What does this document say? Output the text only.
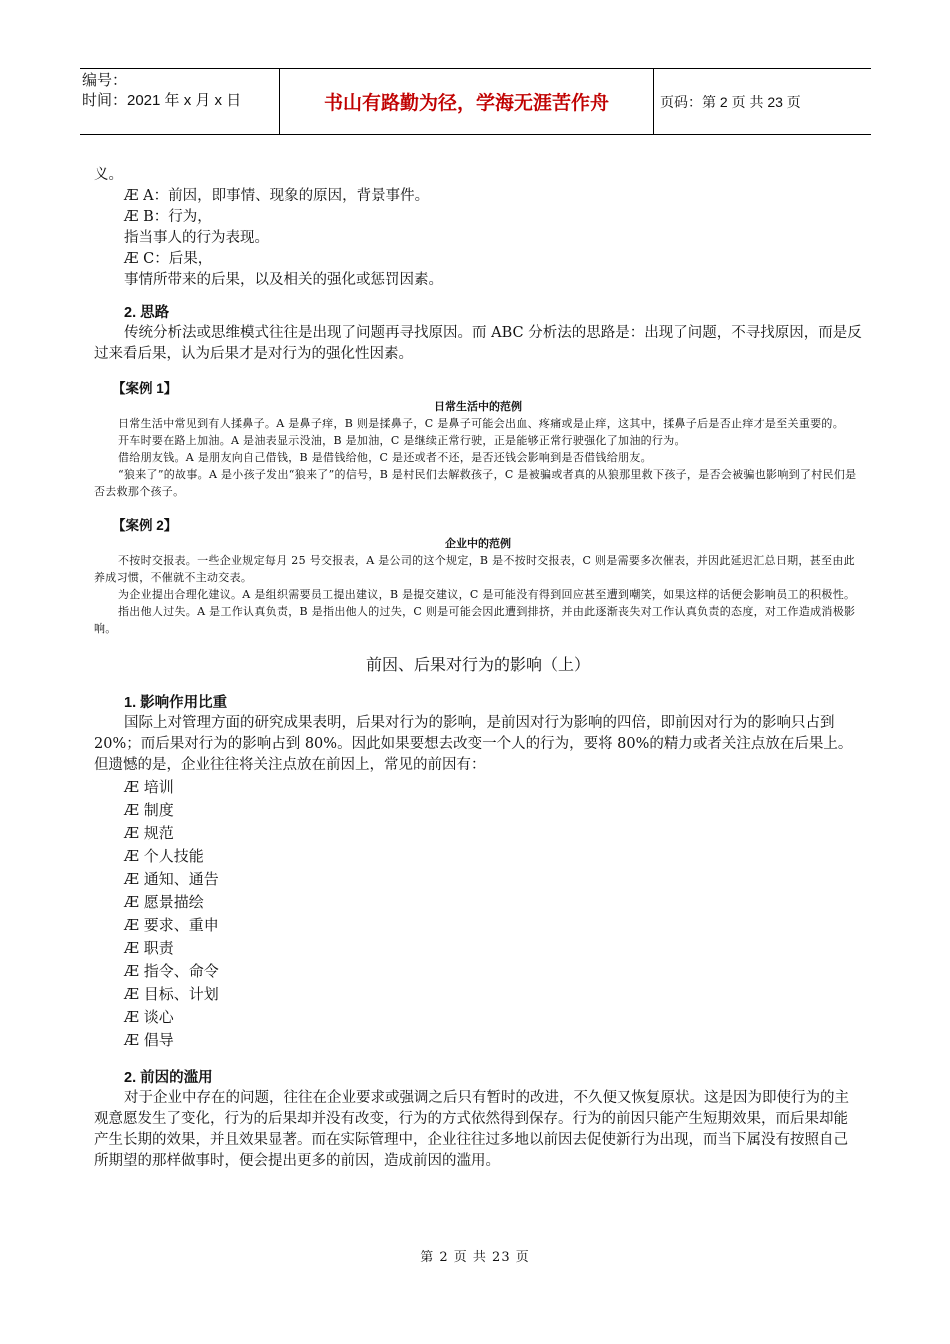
编号：
时间：2021 年 x 月 x 日	书山有路勤为径，学海无涯苦作舟	页码：第 2 页 共 23 页

义。

Æ A：前因，即事情、现象的原因，背景事件。

Æ B：行为，

指当事人的行为表现。

Æ C：后果，

事情所带来的后果，以及相关的强化或惩罚因素。

2. 思路

传统分析法或思维模式往往是出现了问题再寻找原因。而 ABC 分析法的思路是：出现了问题，不寻找原因，而是反过来看后果，认为后果才是对行为的强化性因素。

【案例 1】

日常生活中的范例

日常生活中常见到有人揉鼻子。A 是鼻子痒，B 则是揉鼻子，C 是鼻子可能会出血、疼痛或是止痒，这其中，揉鼻子后是否止痒才是至关重要的。

开车时要在路上加油。A 是油表显示没油，B 是加油，C 是继续正常行驶，正是能够正常行驶强化了加油的行为。

借给朋友钱。A 是朋友向自己借钱，B 是借钱给他，C 是还或者不还，是否还钱会影响到是否借钱给朋友。

“狼来了”的故事。A 是小孩子发出“狼来了”的信号，B 是村民们去解救孩子，C 是被骗或者真的从狼那里救下孩子，是否会被骗也影响到了村民们是否去救那个孩子。

【案例 2】

企业中的范例

不按时交报表。一些企业规定每月 25 号交报表，A 是公司的这个规定，B 是不按时交报表，C 则是需要多次催表，并因此延迟汇总日期，甚至由此养成习惯，不催就不主动交表。

为企业提出合理化建议。A 是组织需要员工提出建议，B 是提交建议，C 是可能没有得到回应甚至遭到嘲笑，如果这样的话便会影响员工的积极性。

指出他人过失。A 是工作认真负责，B 是指出他人的过失，C 则是可能会因此遭到排挤，并由此逐渐丧失对工作认真负责的态度，对工作造成消极影响。

前因、后果对行为的影响（上）

1. 影响作用比重

国际上对管理方面的研究成果表明，后果对行为的影响，是前因对行为影响的四倍，即前因对行为的影响只占到 20%；而后果对行为的影响占到 80%。因此如果要想去改变一个人的行为，要将 80%的精力或者关注点放在后果上。但遗憾的是，企业往往将关注点放在前因上，常见的前因有：

Æ 培训

Æ 制度

Æ 规范

Æ 个人技能

Æ 通知、通告

Æ 愿景描绘

Æ 要求、重申

Æ 职责

Æ 指令、命令

Æ 目标、计划

Æ 谈心

Æ 倡导

2. 前因的滥用

对于企业中存在的问题，往往在企业要求或强调之后只有暂时的改进，不久便又恢复原状。这是因为即使行为的主观意愿发生了变化，行为的后果却并没有改变，行为的方式依然得到保存。行为的前因只能产生短期效果，而后果却能产生长期的效果，并且效果显著。而在实际管理中，企业往往过多地以前因去促使新行为出现，而当下属没有按照自己所期望的那样做事时，便会提出更多的前因，造成前因的滥用。

第 2 页 共 23 页
